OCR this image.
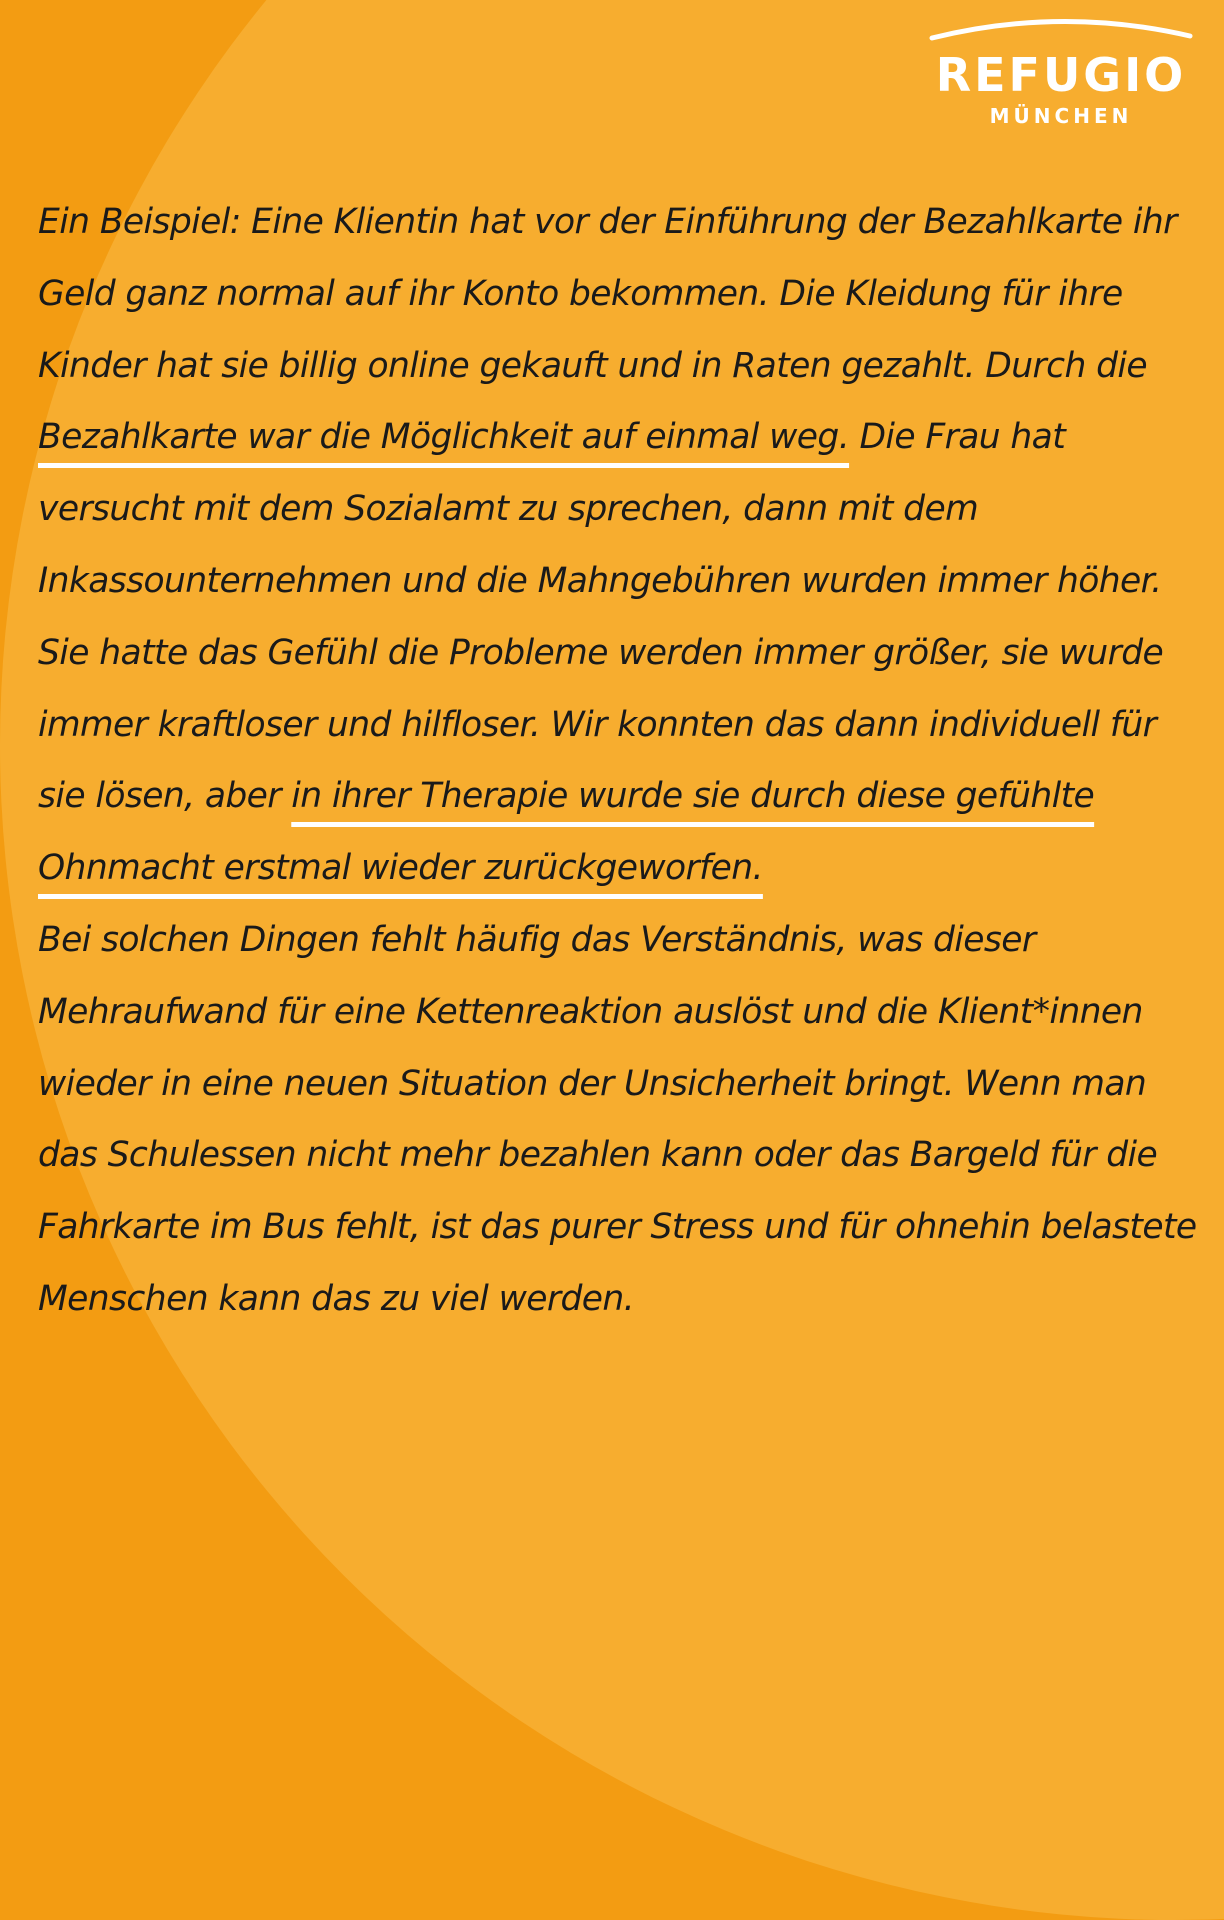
REFUGIO
MÜNCHEN

Ein Beispiel: Eine Klientin hat vor der Einführung der Bezahlkarte ihr Geld ganz normal auf ihr Konto bekommen. Die Kleidung für ihre Kinder hat sie billig online gekauft und in Raten gezahlt. Durch die Bezahlkarte war die Möglichkeit auf einmal weg. Die Frau hat versucht mit dem Sozialamt zu sprechen, dann mit dem Inkassounternehmen und die Mahngebühren wurden immer höher. Sie hatte das Gefühl die Probleme werden immer größer, sie wurde immer kraftloser und hilfloser. Wir konnten das dann individuell für sie lösen, aber in ihrer Therapie wurde sie durch diese gefühlte Ohnmacht erstmal wieder zurückgeworfen.

Bei solchen Dingen fehlt häufig das Verständnis, was dieser Mehraufwand für eine Kettenreaktion auslöst und die Klient*innen wieder in eine neuen Situation der Unsicherheit bringt. Wenn man das Schulessen nicht mehr bezahlen kann oder das Bargeld für die Fahrkarte im Bus fehlt, ist das purer Stress und für ohnehin belastete Menschen kann das zu viel werden.
